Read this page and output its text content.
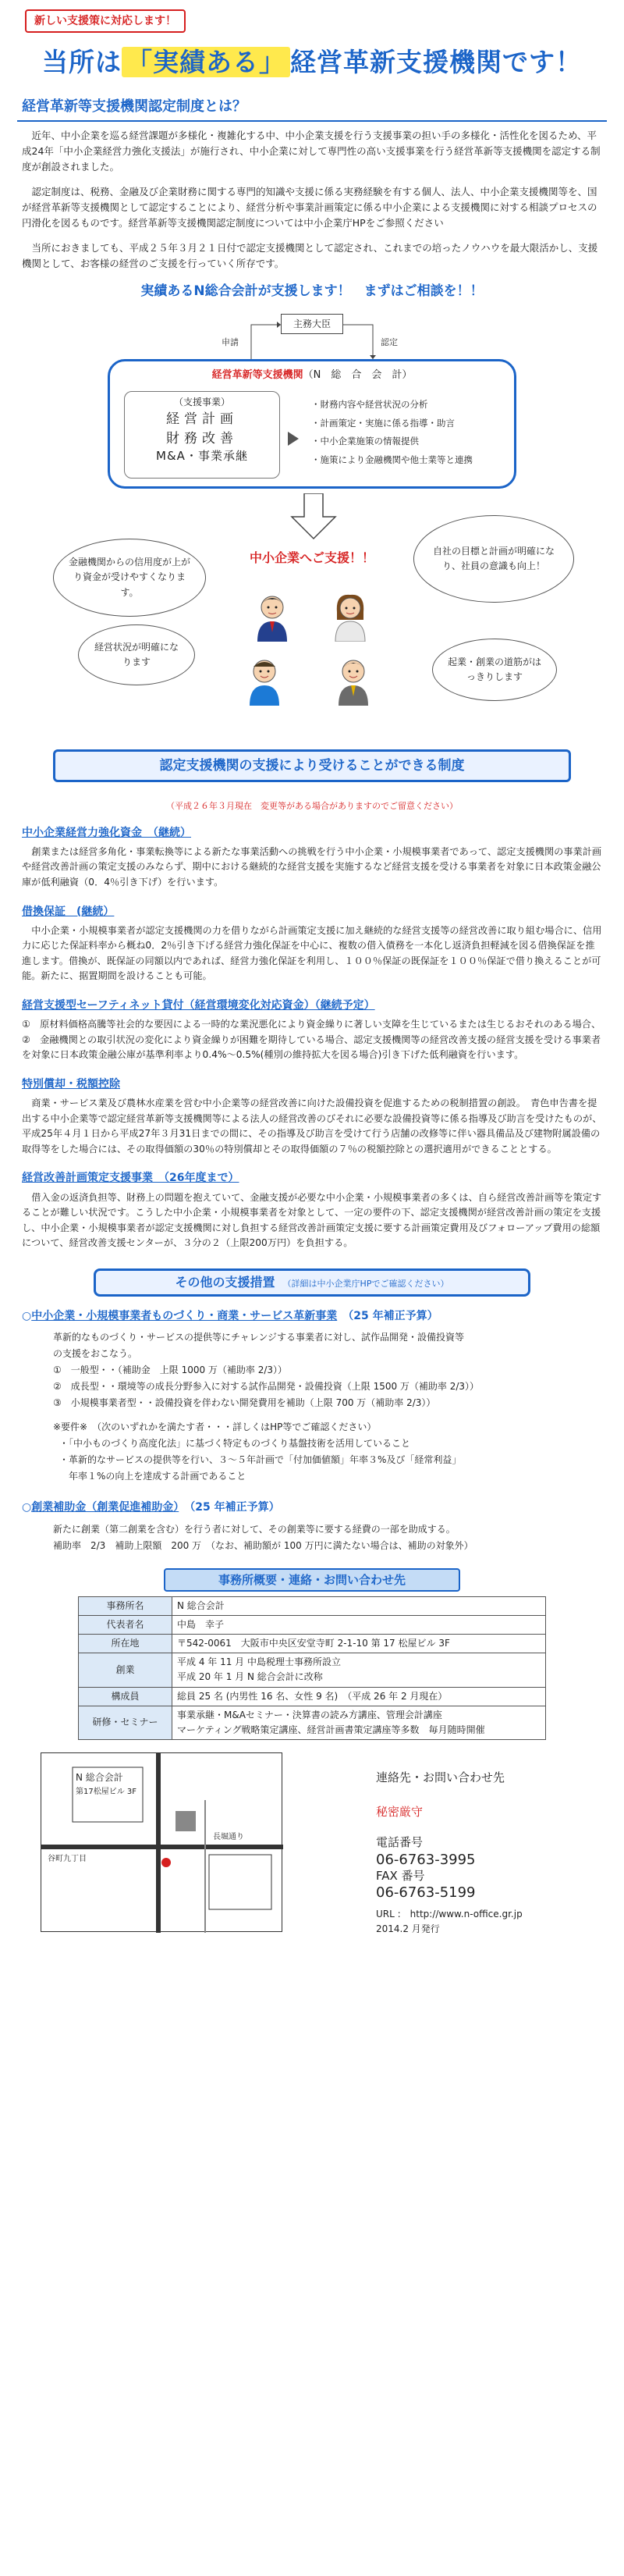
新しい支援策に対応します！
当所は 「実績ある」 経営革新支援機関です！
経営革新等支援機関認定制度とは？

近年、中小企業を巡る経営課題が多様化・複雑化する中、中小企業支援を行う支援事業の担い手の多様化・活性化を図るため、平成24年「中小企業経営力強化支援法」が施行され、中小企業に対して専門性の高い支援事業を行う経営革新等支援機関を認定する制度が創設されました。

認定制度は、税務、金融及び企業財務に関する専門的知識や支援に係る実務経験を有する個人、法人、中小企業支援機関等を、国が経営革新等支援機関として認定することにより、経営分析や事業計画策定に係る中小企業による支援機関に対する相談プロセスの円滑化を図るものです。経営革新等支援機関認定制度については中小企業庁HPをご参照ください

当所におきましても、平成２５年３月２１日付で認定支援機関として認定され、これまでの培ったノウハウを最大限活かし、支援機関として、お客様の経営のご支援を行っていく所存です。

実績あるN総合会計が支援します！　まずはご相談を！！
主務大臣
申請	認定
経営革新等支援機関（N　総　合　会　計）
（支援事業）
経営計画
財務改善
M&A・事業承継
・ 財務内容や経営状況の分析
・ 計画策定・実施に係る指導・助言
・ 中小企業施策の情報提供
・ 施策により金融機関や他士業等と連携
金融機関からの信用度が上がり資金が受けやすくなります。
経営状況が明確になります
自社の目標と計画が明確になり、社員の意識も向上！
起業・創業の道筋がはっきりします
中小企業へご支援！！
認定支援機関の支援により受けることができる制度
（平成２６年３月現在　変更等がある場合がありますのでご留意ください）
中小企業経営力強化資金　（継続）
創業または経営多角化・事業転換等による新たな事業活動への挑戦を行う中小企業・小規模事業者であって、認定支援機関の事業計画や経営改善計画の策定支援のみならず、期中における継続的な経営支援を実施するなど経営支援を受ける事業者を対象に日本政策金融公庫が低利融資（0．4％引き下げ）を行います。
借換保証　(継続）
中小企業・小規模事業者が認定支援機関の力を借りながら計画策定支援に加え継続的な経営支援等の経営改善に取り組む場合に、信用力に応じた保証料率から概ね0．2％引き下げる経営力強化保証を中心に、複数の借入債務を一本化し返済負担軽減を図る借換保証を推進します。借換が、既保証の同額以内であれば、経営力強化保証を利用し、１００％保証の既保証を１００％保証で借り換えることが可能。新たに、据置期間を設けることも可能。
経営支援型セーフティネット貸付（経営環境変化対応資金）（継続予定）
①　原材料価格高騰等社会的な要因による一時的な業況悪化により資金繰りに著しい支障を生じているまたは生じるおそれのある場合、②　金融機関との取引状況の変化により資金繰りが困難を期待している場合、認定支援機関等の経営改善支援の経営支援を受ける事業者を対象に日本政策金融公庫が基準利率より0.4%～0.5%(種別の維持拡大を図る場合)引き下げた低利融資を行います。
特別償却・税額控除
商業・サービス業及び農林水産業を営む中小企業等の経営改善に向けた設備投資を促進するための税制措置の創設。　青色申告書を提出する中小企業等で認定経営革新等支援機関等による法人の経営改善のびそれに必要な設備投資等に係る指導及び助言を受けたものが、平成25年４月１日から平成27年３月31日までの間に、その指導及び助言を受けて行う店舗の改修等に伴い器具備品及び建物附属設備の取得等をした場合には、その取得価額の30％の特別償却とその取得価額の７％の税額控除との選択適用ができることとする。
経営改善計画策定支援事業　（26年度まで）
借入金の返済負担等、財務上の問題を抱えていて、金融支援が必要な中小企業・小規模事業者の多くは、自ら経営改善計画等を策定することが難しい状況です。こうした中小企業・小規模事業者を対象として、一定の要件の下、認定支援機関が経営改善計画の策定を支援し、中小企業・小規模事業者が認定支援機関に対し負担する経営改善計画策定支援に要する計画策定費用及びフォローアップ費用の総額について、経営改善支援センターが、３分の２（上限200万円）を負担する。
その他の支援措置 （詳細は中小企業庁HPでご確認ください）
○中小企業・小規模事業者ものづくり・商業・サービス革新事業　 （25 年補正予算）
革新的なものづくり・サービスの提供等にチャレンジする事業者に対し、試作品開発・設備投資等
の支援をおこなう。
①　一般型・・（補助金　上限 1000 万（補助率 2/3））
②　成長型・・環境等の成長分野参入に対する試作品開発・設備投資（上限 1500 万（補助率 2/3））
③　小規模事業者型・・設備投資を伴わない開発費用を補助（上限 700 万（補助率 2/3））
※要件※　（次のいずれかを満たす者・・・詳しくはHP等でご確認ください）
・「中小ものづくり高度化法」に基づく特定ものづくり基盤技術を活用していること
・革新的なサービスの提供等を行い、３～５年計画で「付加価値額」年率３%及び「経常利益」
年率１%の向上を達成する計画であること
○創業補助金（創業促進補助金）　 （25 年補正予算）
新たに創業（第二創業を含む）を行う者に対して、その創業等に要する経費の一部を助成する。
補助率　2/3　補助上限額　200 万　（なお、補助額が 100 万円に満たない場合は、補助の対象外）
事務所概要・連絡・お問い合わせ先
事務所名	N 総合会計
代表者名	中島　幸子
所在地	〒542-0061　大阪市中央区安堂寺町 2-1-10 第 17 松屋ビル 3F
創業	平成 4 年 11 月 中島税理士事務所設立
平成 20 年 1 月 N 総合会計に改称

構成員	総員 25 名 (内男性 16 名、女性 9 名)　（平成 26 年 2 月現在）
研修・セミナー	事業承継・M&Aセミナー・決算書の読み方講座、管理会計講座
マーケティング戦略策定講座、経営計画書策定講座等多数　毎月随時開催
N 総合会計
第17松屋ビル 3F
谷町九丁目
長堀通り
連絡先・お問い合わせ先
秘密厳守
電話番号
06-6763-3995
FAX 番号
06-6763-5199
URL :　http://www.n-office.gr.jp
2014.2 月発行
